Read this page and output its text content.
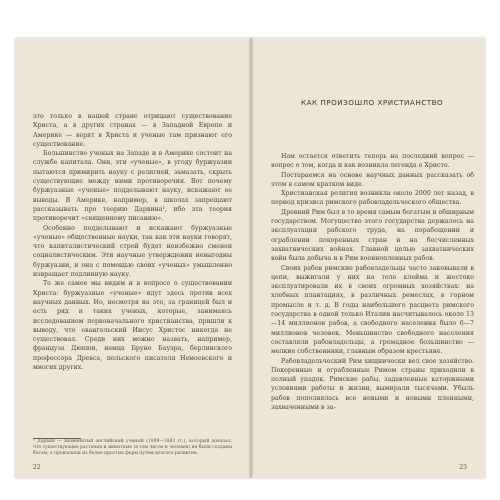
это только в нашей стране отрицают существование Христа, а в других странах — в Западной Европе и Америке — верят в Христа и ученые там признают его существование.

Большинство ученых на Западе и в Америке состоит на службе капитала. Они, эти «ученые», в угоду буржуазии пытаются примирить науку с религией, замазать, скрыть существующие между ними противоречия. Вот почему буржуазные «ученые» подделывают науку, искажают ее выводы. В Америке, например, в школах запрещают рассказывать про теорию Дарвина¹, ибо эта теория противоречит «священному писанию».

Особенно подделывают и искажают буржуазные «ученые» общественные науки, так как эти науки говорят, что капиталистический строй будет неизбежно сменен социалистическим. Эти научные утверждения невыгодны буржуазии, и она с помощью своих «ученых» умышленно извращает подлинную науку.

То же самое мы видим и в вопросе о существовании Христа: буржуазные «ученые» идут здесь против всех научных данных. Но, несмотря на это, за границей был и есть ряд и таких ученых, которые, занимаясь исследованием первоначального христианства, пришли к выводу, что евангельский Иисус Христос никогда не существовал. Среди них можно назвать, например, француза Дюпюи, немца Бруно Бауэра, берлинского профессора Древса, польского писателя Немоевского и многих других.

¹ Дарвин — знаменитый английский ученый (1809—1882 гг.), который доказал, что существующие растения и животные (в том числе и человек) не были созданы богом, а произошли из более простых форм путем долгого развития.
22
КАК ПРОИЗОШЛО ХРИСТИАНСТВО

Нам остается ответить теперь на последний вопрос — вопрос о том, когда и как возникла легенда о Христе.

Постараемся на основе научных данных рассказать об этом в самом кратком виде.

Христианская религия возникла около 2000 лет назад, в период кризиса римского рабовладельческого общества.

Древний Рим был в то время самым богатым и обширным государством. Могущество этого государства держалось на эксплуатации рабского труда, на порабощении и ограблении покоренных стран и на бесчисленных захватнических войнах. Главной целью захватнических войн была добыча и в Рим военнопленных рабов.

Своих рабов римские рабовладельцы часто заковывали в цепи, выжигали у них на теле клейма и жестоко эксплуатировали их в своих огромных хозяйствах: на хлебных плантациях, в различных ремеслах, в горном промысле и т. д. В годы наибольшего расцвета римского государства в одной только Италии насчитывалось около 13—14 миллионов рабов, а свободного населения было 6—7 миллионов человек. Меньшинство свободного населения составляли рабовладельцы, а громадное большинство — мелкие собственники, главным образом крестьяне.

Рабовладельческий Рим хищнически вел свое хозяйство. Покоренные и ограбленные Римом страны приходили в полный упадок. Римские рабы, задавленные каторжными условиями работы и жизни, вымирали тысячами. Убыль рабов пополнялась все новыми и новыми пленными, захваченными в за-

23
